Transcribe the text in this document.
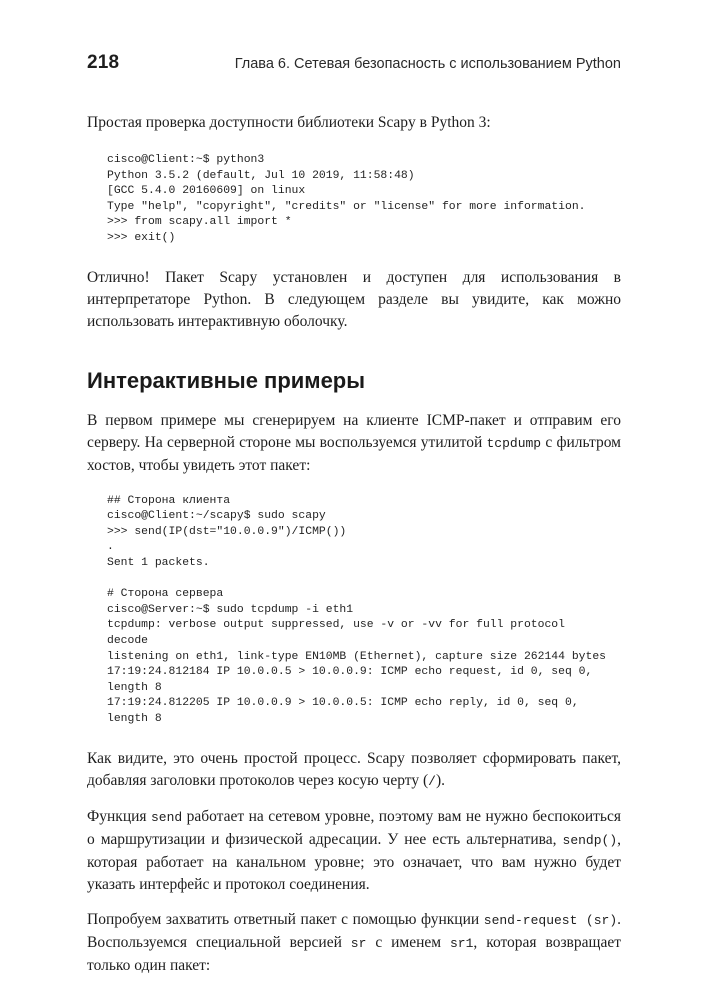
218	Глава 6. Сетевая безопасность с использованием Python

Простая проверка доступности библиотеки Scapy в Python 3:

cisco@Client:~$ python3
Python 3.5.2 (default, Jul 10 2019, 11:58:48)
[GCC 5.4.0 20160609] on linux
Type "help", "copyright", "credits" or "license" for more information.
>>> from scapy.all import *
>>> exit()

Отлично! Пакет Scapy установлен и доступен для использования в интерпретаторе Python. В следующем разделе вы увидите, как можно использовать интерактивную оболочку.

Интерактивные примеры

В первом примере мы сгенерируем на клиенте ICMP-пакет и отправим его серверу. На серверной стороне мы воспользуемся утилитой tcpdump с фильтром хостов, чтобы увидеть этот пакет:

## Сторона клиента
cisco@Client:~/scapy$ sudo scapy
>>> send(IP(dst="10.0.0.9")/ICMP())
.
Sent 1 packets.

# Сторона сервера
cisco@Server:~$ sudo tcpdump -i eth1
tcpdump: verbose output suppressed, use -v or -vv for full protocol
decode
listening on eth1, link-type EN10MB (Ethernet), capture size 262144 bytes
17:19:24.812184 IP 10.0.0.5 > 10.0.0.9: ICMP echo request, id 0, seq 0,
length 8
17:19:24.812205 IP 10.0.0.9 > 10.0.0.5: ICMP echo reply, id 0, seq 0,
length 8

Как видите, это очень простой процесс. Scapy позволяет сформировать пакет, добавляя заголовки протоколов через косую черту (/).

Функция send работает на сетевом уровне, поэтому вам не нужно беспокоиться о маршрутизации и физической адресации. У нее есть альтернатива, sendp(), которая работает на канальном уровне; это означает, что вам нужно будет указать интерфейс и протокол соединения.

Попробуем захватить ответный пакет с помощью функции send-request (sr). Воспользуемся специальной версией sr с именем sr1, которая возвращает только один пакет:
